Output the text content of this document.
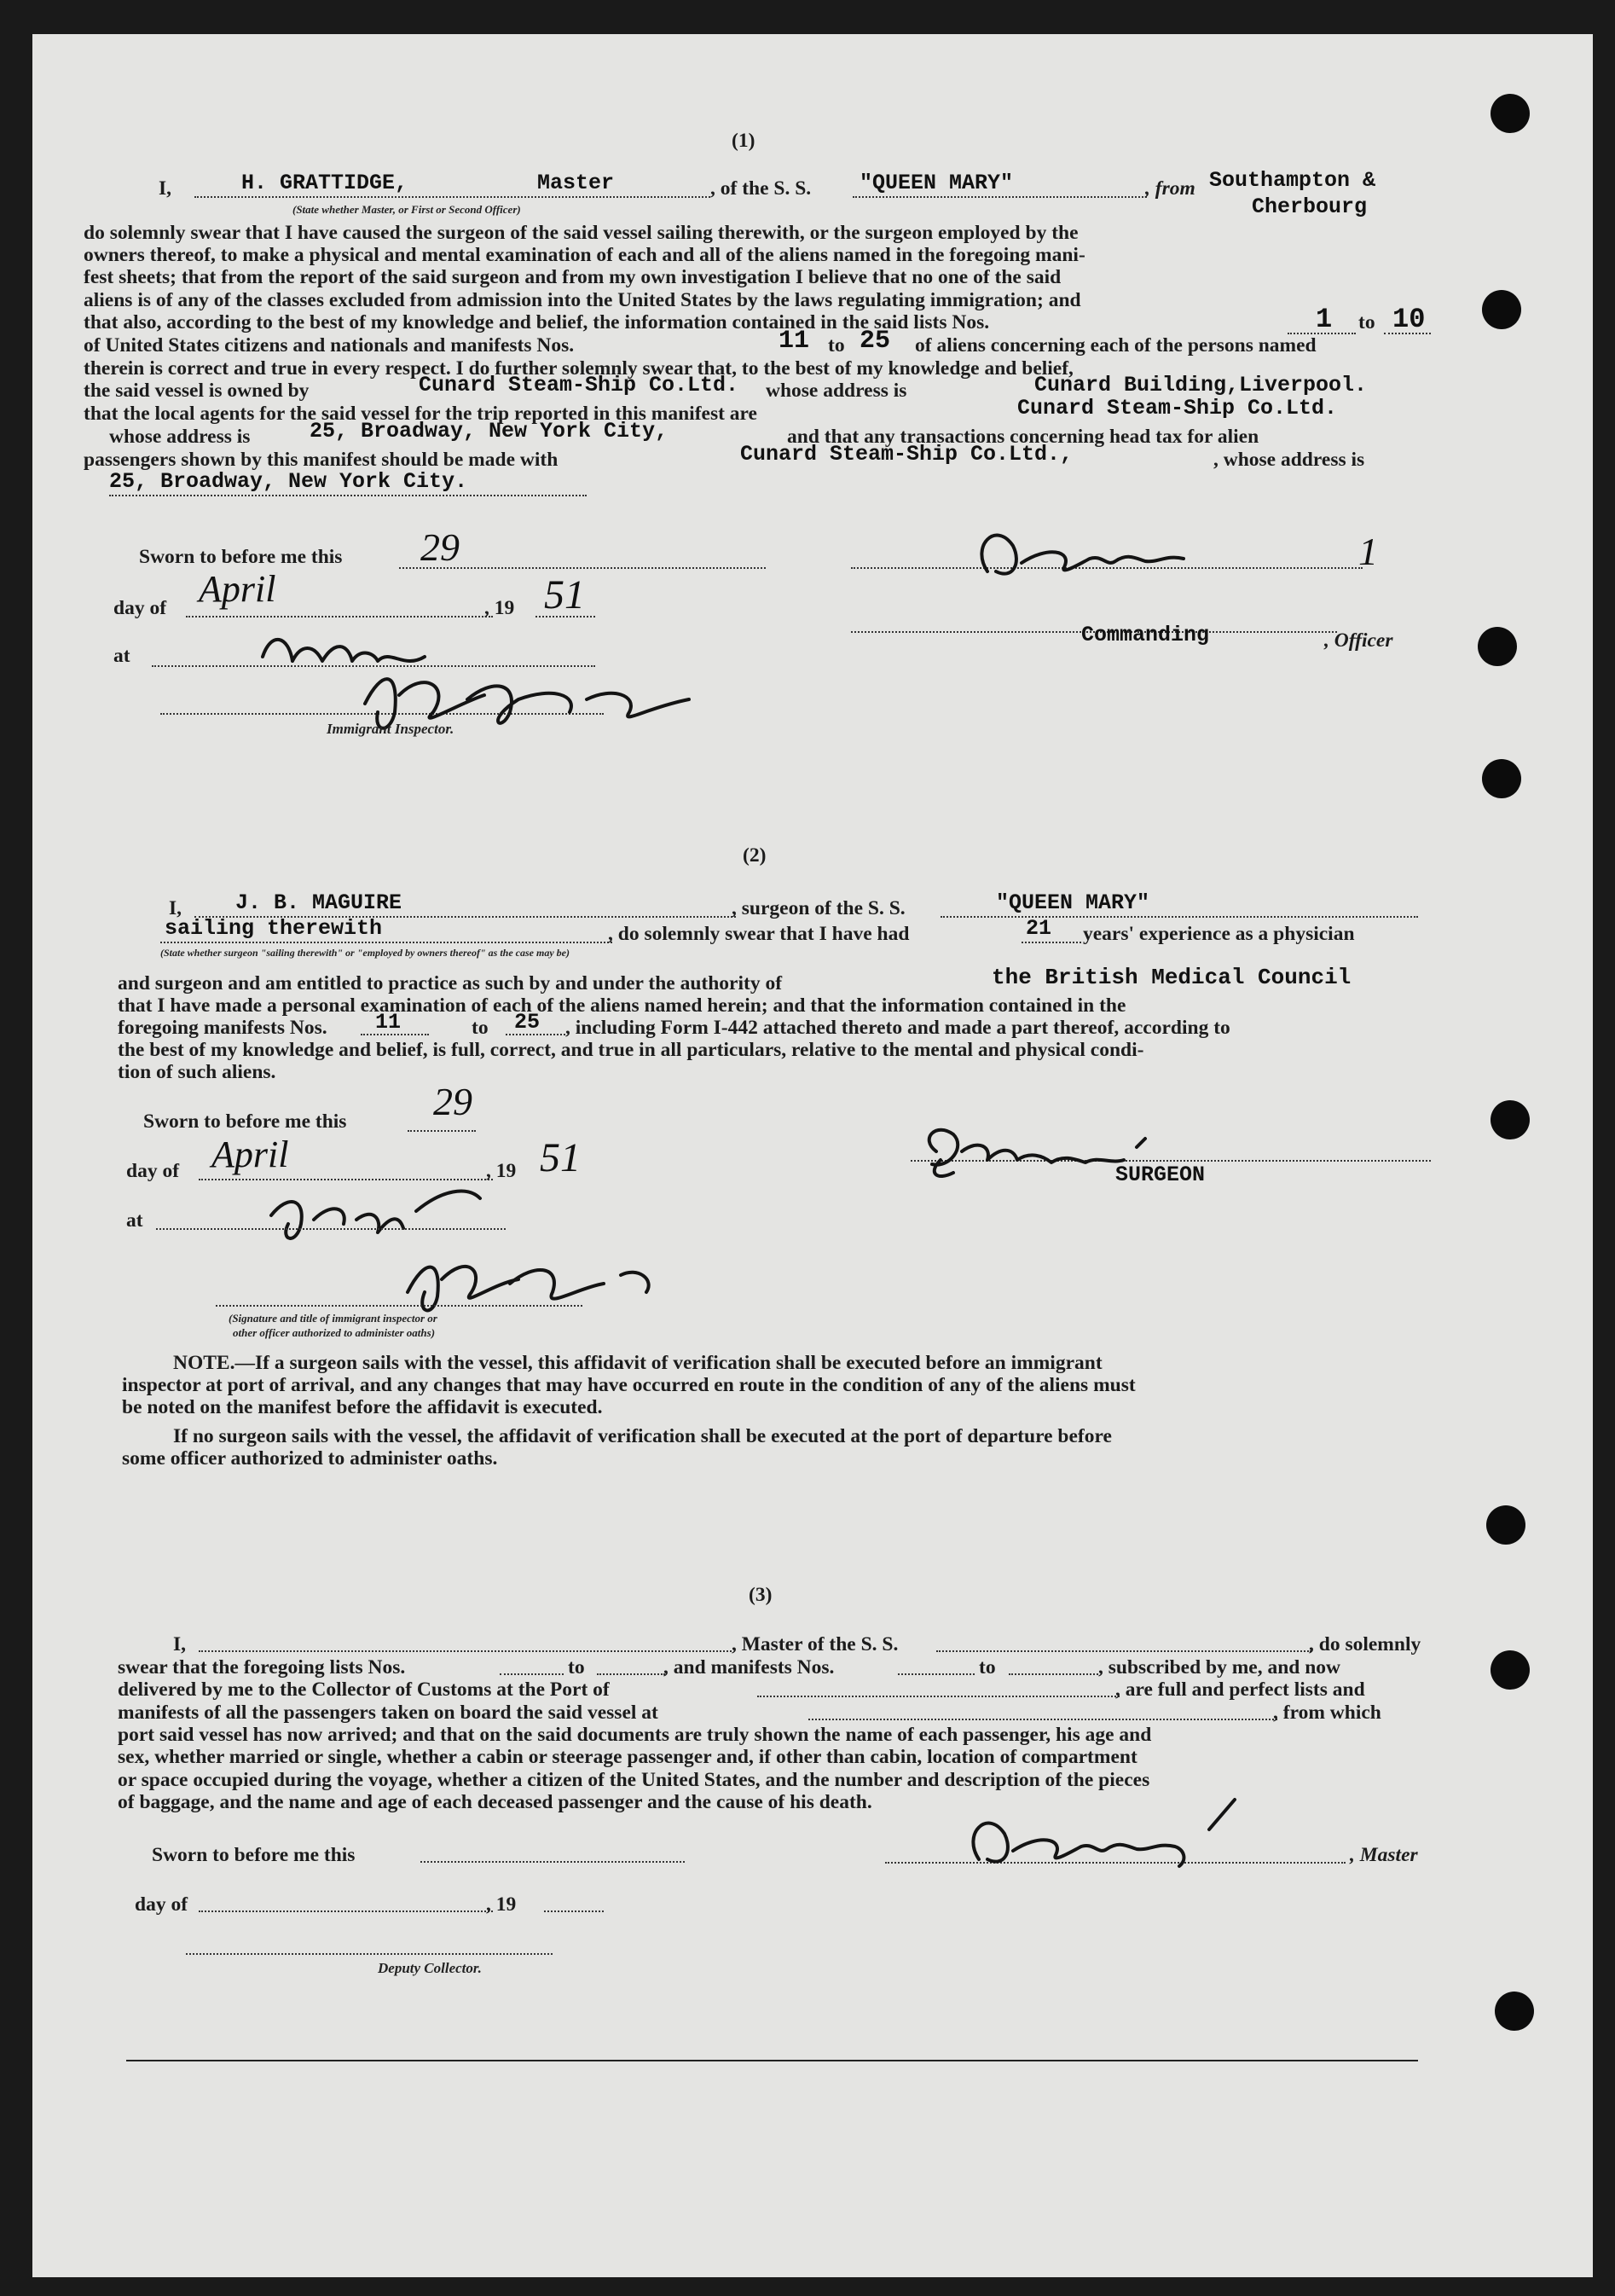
(1)
I,	H. GRATTIDGE,	Master	, of the S. S. "QUEEN MARY"	, from Southampton &
Cherbourg
(State whether Master, or First or Second Officer)
do solemnly swear that I have caused the surgeon of the said vessel sailing therewith, or the surgeon employed by the
owners thereof, to make a physical and mental examination of each and all of the aliens named in the foregoing mani-
fest sheets; that from the report of the said surgeon and from my own investigation I believe that no one of the said
aliens is of any of the classes excluded from admission into the United States by the laws regulating immigration; and
that also, according to the best of my knowledge and belief, the information contained in the said lists Nos.	1 to 10
of United States citizens and nationals and manifests Nos.	11 to 25 of aliens concerning each of the persons named
therein is correct and true in every respect. I do further solemnly swear that, to the best of my knowledge and belief,
the said vessel is owned by	Cunard Steam-Ship Co.Ltd. whose address is	Cunard Building,Liverpool.
that the local agents for the said vessel for the trip reported in this manifest are	Cunard Steam-Ship Co.Ltd.
whose address is	25, Broadway, New York City,	and that any transactions concerning head tax for alien
passengers shown by this manifest should be made with	Cunard Steam-Ship Co.Ltd.,	, whose address is
25, Broadway, New York City.
Sworn to before me this 29
day of April	, 19 51
at
Immigrant Inspector.
1
Commanding	, Officer
(2)
I,	J. B. MAGUIRE	, surgeon of the S. S.	"QUEEN MARY"
sailing therewith	, do solemnly swear that I have had	21 years' experience as a physician
(State whether surgeon "sailing therewith" or "employed by owners thereof" as the case may be)
and surgeon and am entitled to practice as such by and under the authority of	the British Medical Council
that I have made a personal examination of each of the aliens named herein; and that the information contained in the
foregoing manifests Nos. 11	to 25 , including Form I-442 attached thereto and made a part thereof, according to
the best of my knowledge and belief, is full, correct, and true in all particulars, relative to the mental and physical condi-
tion of such aliens.
Sworn to before me this 29
day of April	, 19 51
at
(Signature and title of immigrant inspector or
other officer authorized to administer oaths)
SURGEON
NOTE.—If a surgeon sails with the vessel, this affidavit of verification shall be executed before an immigrant
inspector at port of arrival, and any changes that may have occurred en route in the condition of any of the aliens must
be noted on the manifest before the affidavit is executed.
If no surgeon sails with the vessel, the affidavit of verification shall be executed at the port of departure before
some officer authorized to administer oaths.
(3)
I,	, Master of the S. S.	, do solemnly
swear that the foregoing lists Nos.	to	, and manifests Nos.	to	, subscribed by me, and now
delivered by me to the Collector of Customs at the Port of	, are full and perfect lists and
manifests of all the passengers taken on board the said vessel at	, from which
port said vessel has now arrived; and that on the said documents are truly shown the name of each passenger, his age and
sex, whether married or single, whether a cabin or steerage passenger and, if other than cabin, location of compartment
or space occupied during the voyage, whether a citizen of the United States, and the number and description of the pieces
of baggage, and the name and age of each deceased passenger and the cause of his death.
Sworn to before me this
day of	, 19
Deputy Collector.
, Master
